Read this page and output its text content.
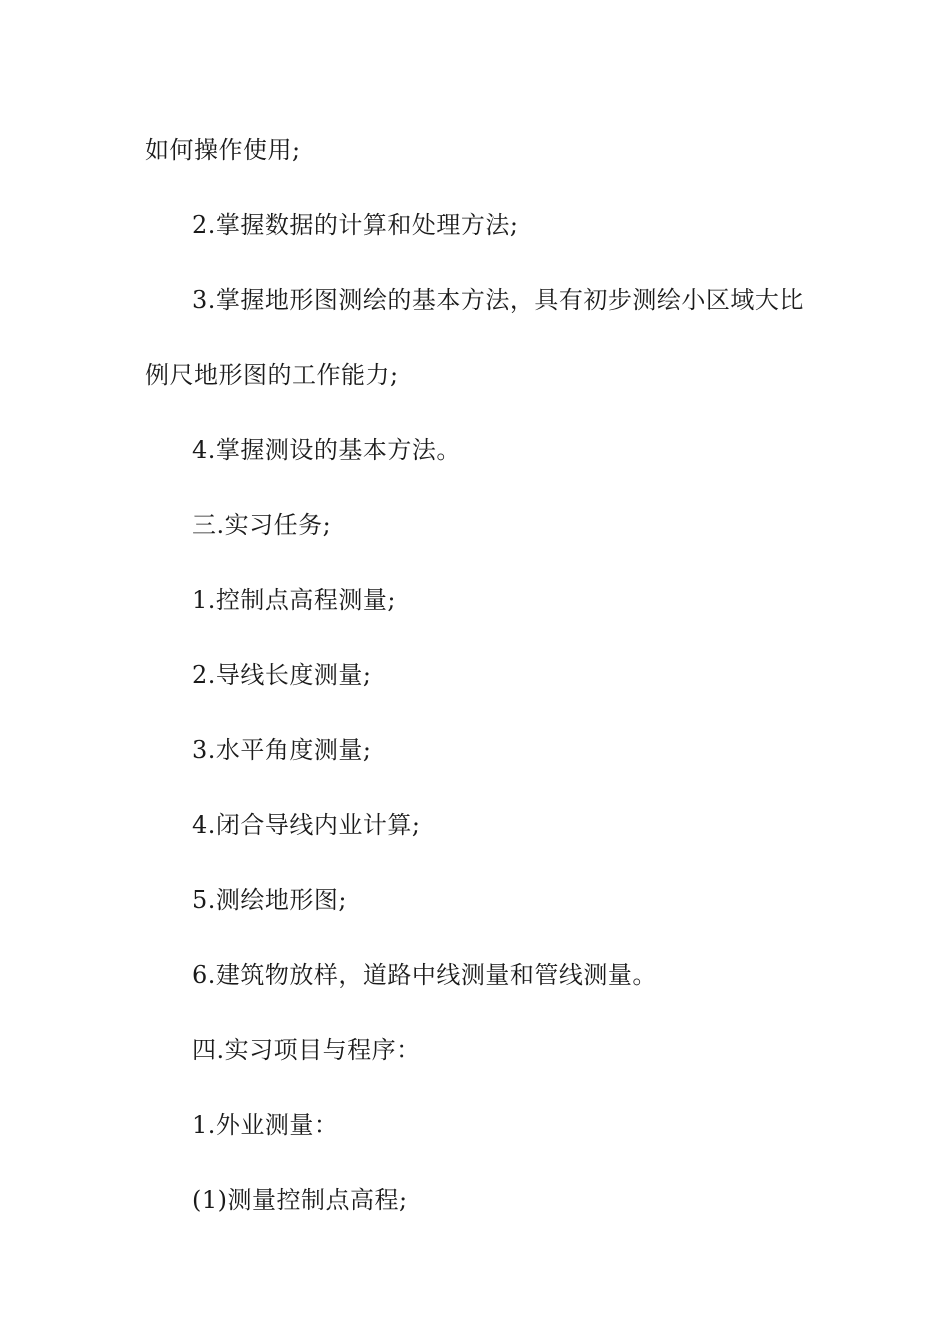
如何操作使用;
2.掌握数据的计算和处理方法;
3.掌握地形图测绘的基本方法，具有初步测绘小区域大比
例尺地形图的工作能力;
4.掌握测设的基本方法。
三.实习任务;
1.控制点高程测量;
2.导线长度测量;
3.水平角度测量;
4.闭合导线内业计算;
5.测绘地形图;
6.建筑物放样，道路中线测量和管线测量。
四.实习项目与程序：
1.外业测量：
(1)测量控制点高程;
